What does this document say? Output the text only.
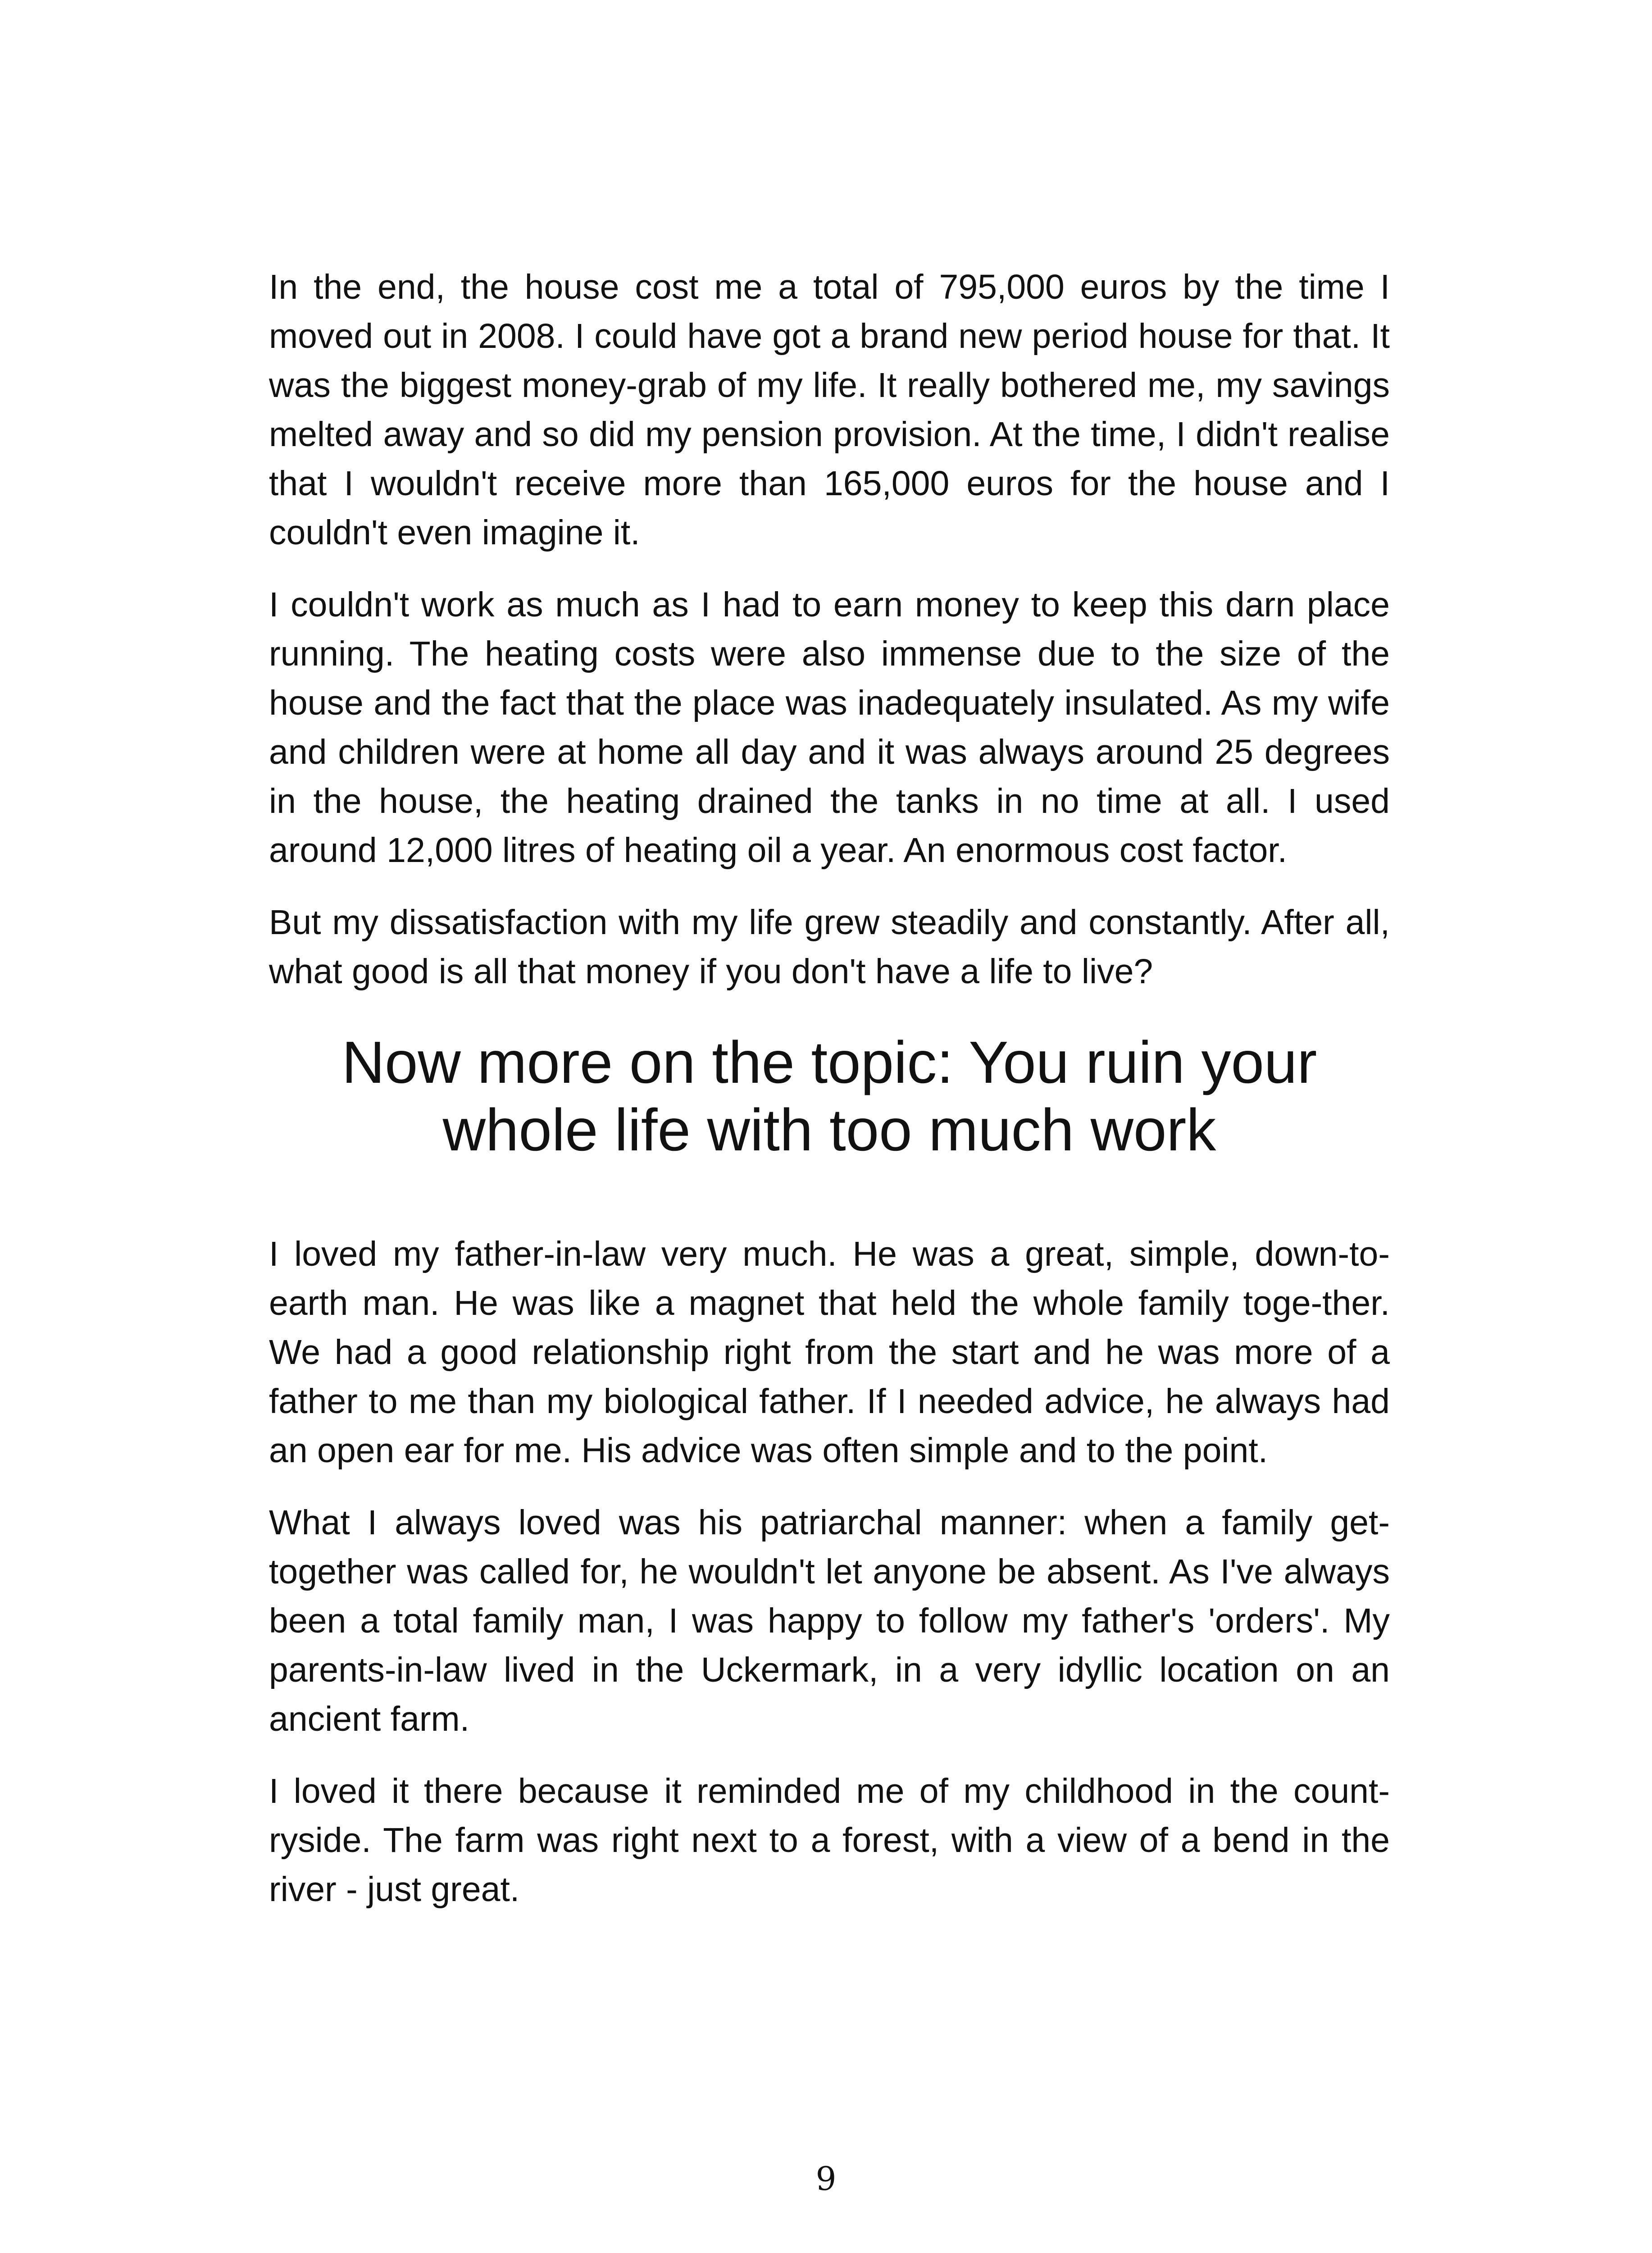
In the end, the house cost me a total of 795,000 euros by the time I moved out in 2008. I could have got a brand new period house for that. It was the biggest money-grab of my life. It really bothered me, my savings melted away and so did my pension provision. At the time, I didn't realise that I wouldn't receive more than 165,000 euros for the house and I couldn't even imagine it.

I couldn't work as much as I had to earn money to keep this darn place running. The heating costs were also immense due to the size of the house and the fact that the place was inadequately insulated. As my wife and children were at home all day and it was always around 25 degrees in the house, the heating drained the tanks in no time at all. I used around 12,000 litres of heating oil a year. An enormous cost factor.

But my dissatisfaction with my life grew steadily and constantly. After all, what good is all that money if you don't have a life to live?

Now more on the topic: You ruin your whole life with too much work

I loved my father-in-law very much. He was a great, simple, down-to-earth man. He was like a magnet that held the whole family toge-ther. We had a good relationship right from the start and he was more of a father to me than my biological father. If I needed advice, he always had an open ear for me. His advice was often simple and to the point.

What I always loved was his patriarchal manner: when a family get-together was called for, he wouldn't let anyone be absent. As I've always been a total family man, I was happy to follow my father's 'orders'. My parents-in-law lived in the Uckermark, in a very idyllic location on an ancient farm.

I loved it there because it reminded me of my childhood in the count-ryside. The farm was right next to a forest, with a view of a bend in the river - just great.

9
